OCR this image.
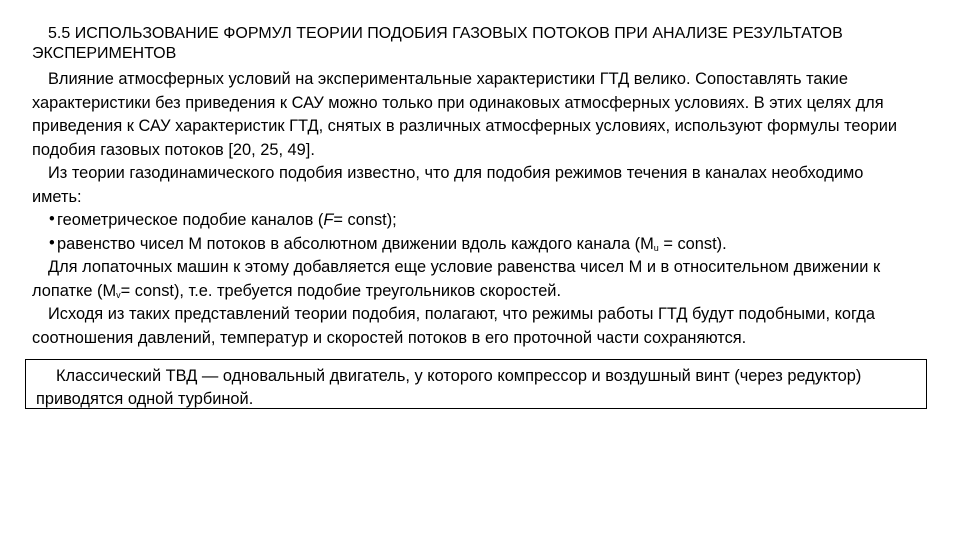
5.5 ИСПОЛЬЗОВАНИЕ ФОРМУЛ ТЕОРИИ ПОДОБИЯ ГАЗОВЫХ ПОТОКОВ ПРИ АНАЛИЗЕ РЕЗУЛЬТАТОВ ЭКСПЕРИМЕНТОВ

Влияние атмосферных условий на экспериментальные характеристики ГТД велико. Сопоставлять такие характеристики без приведения к САУ можно только при одинаковых атмосферных условиях. В этих целях для приведения к САУ характеристик ГТД, снятых в различных атмосферных условиях, используют формулы теории подобия газовых потоков [20, 25, 49].

Из теории газодинамического подобия известно, что для подобия режимов течения в каналах необходимо иметь:

• геометрическое подобие каналов (F= const);

• равенство чисел М потоков в абсолютном движении вдоль каждого канала ($М_u$ = const).

Для лопаточных машин к этому добавляется еще условие равенства чисел М и в относительном движении к лопатке ($M_v=$ const), т.е. требуется подобие треугольников скоростей.

Исходя из таких представлений теории подобия, полагают, что режимы работы ГТД будут подобными, когда соотношения давлений, температур и скоростей потоков в его проточной части сохраняются.

Классический ТВД — одновальный двигатель, у которого компрессор и воздушный винт (через редуктор) приводятся одной турбиной.
